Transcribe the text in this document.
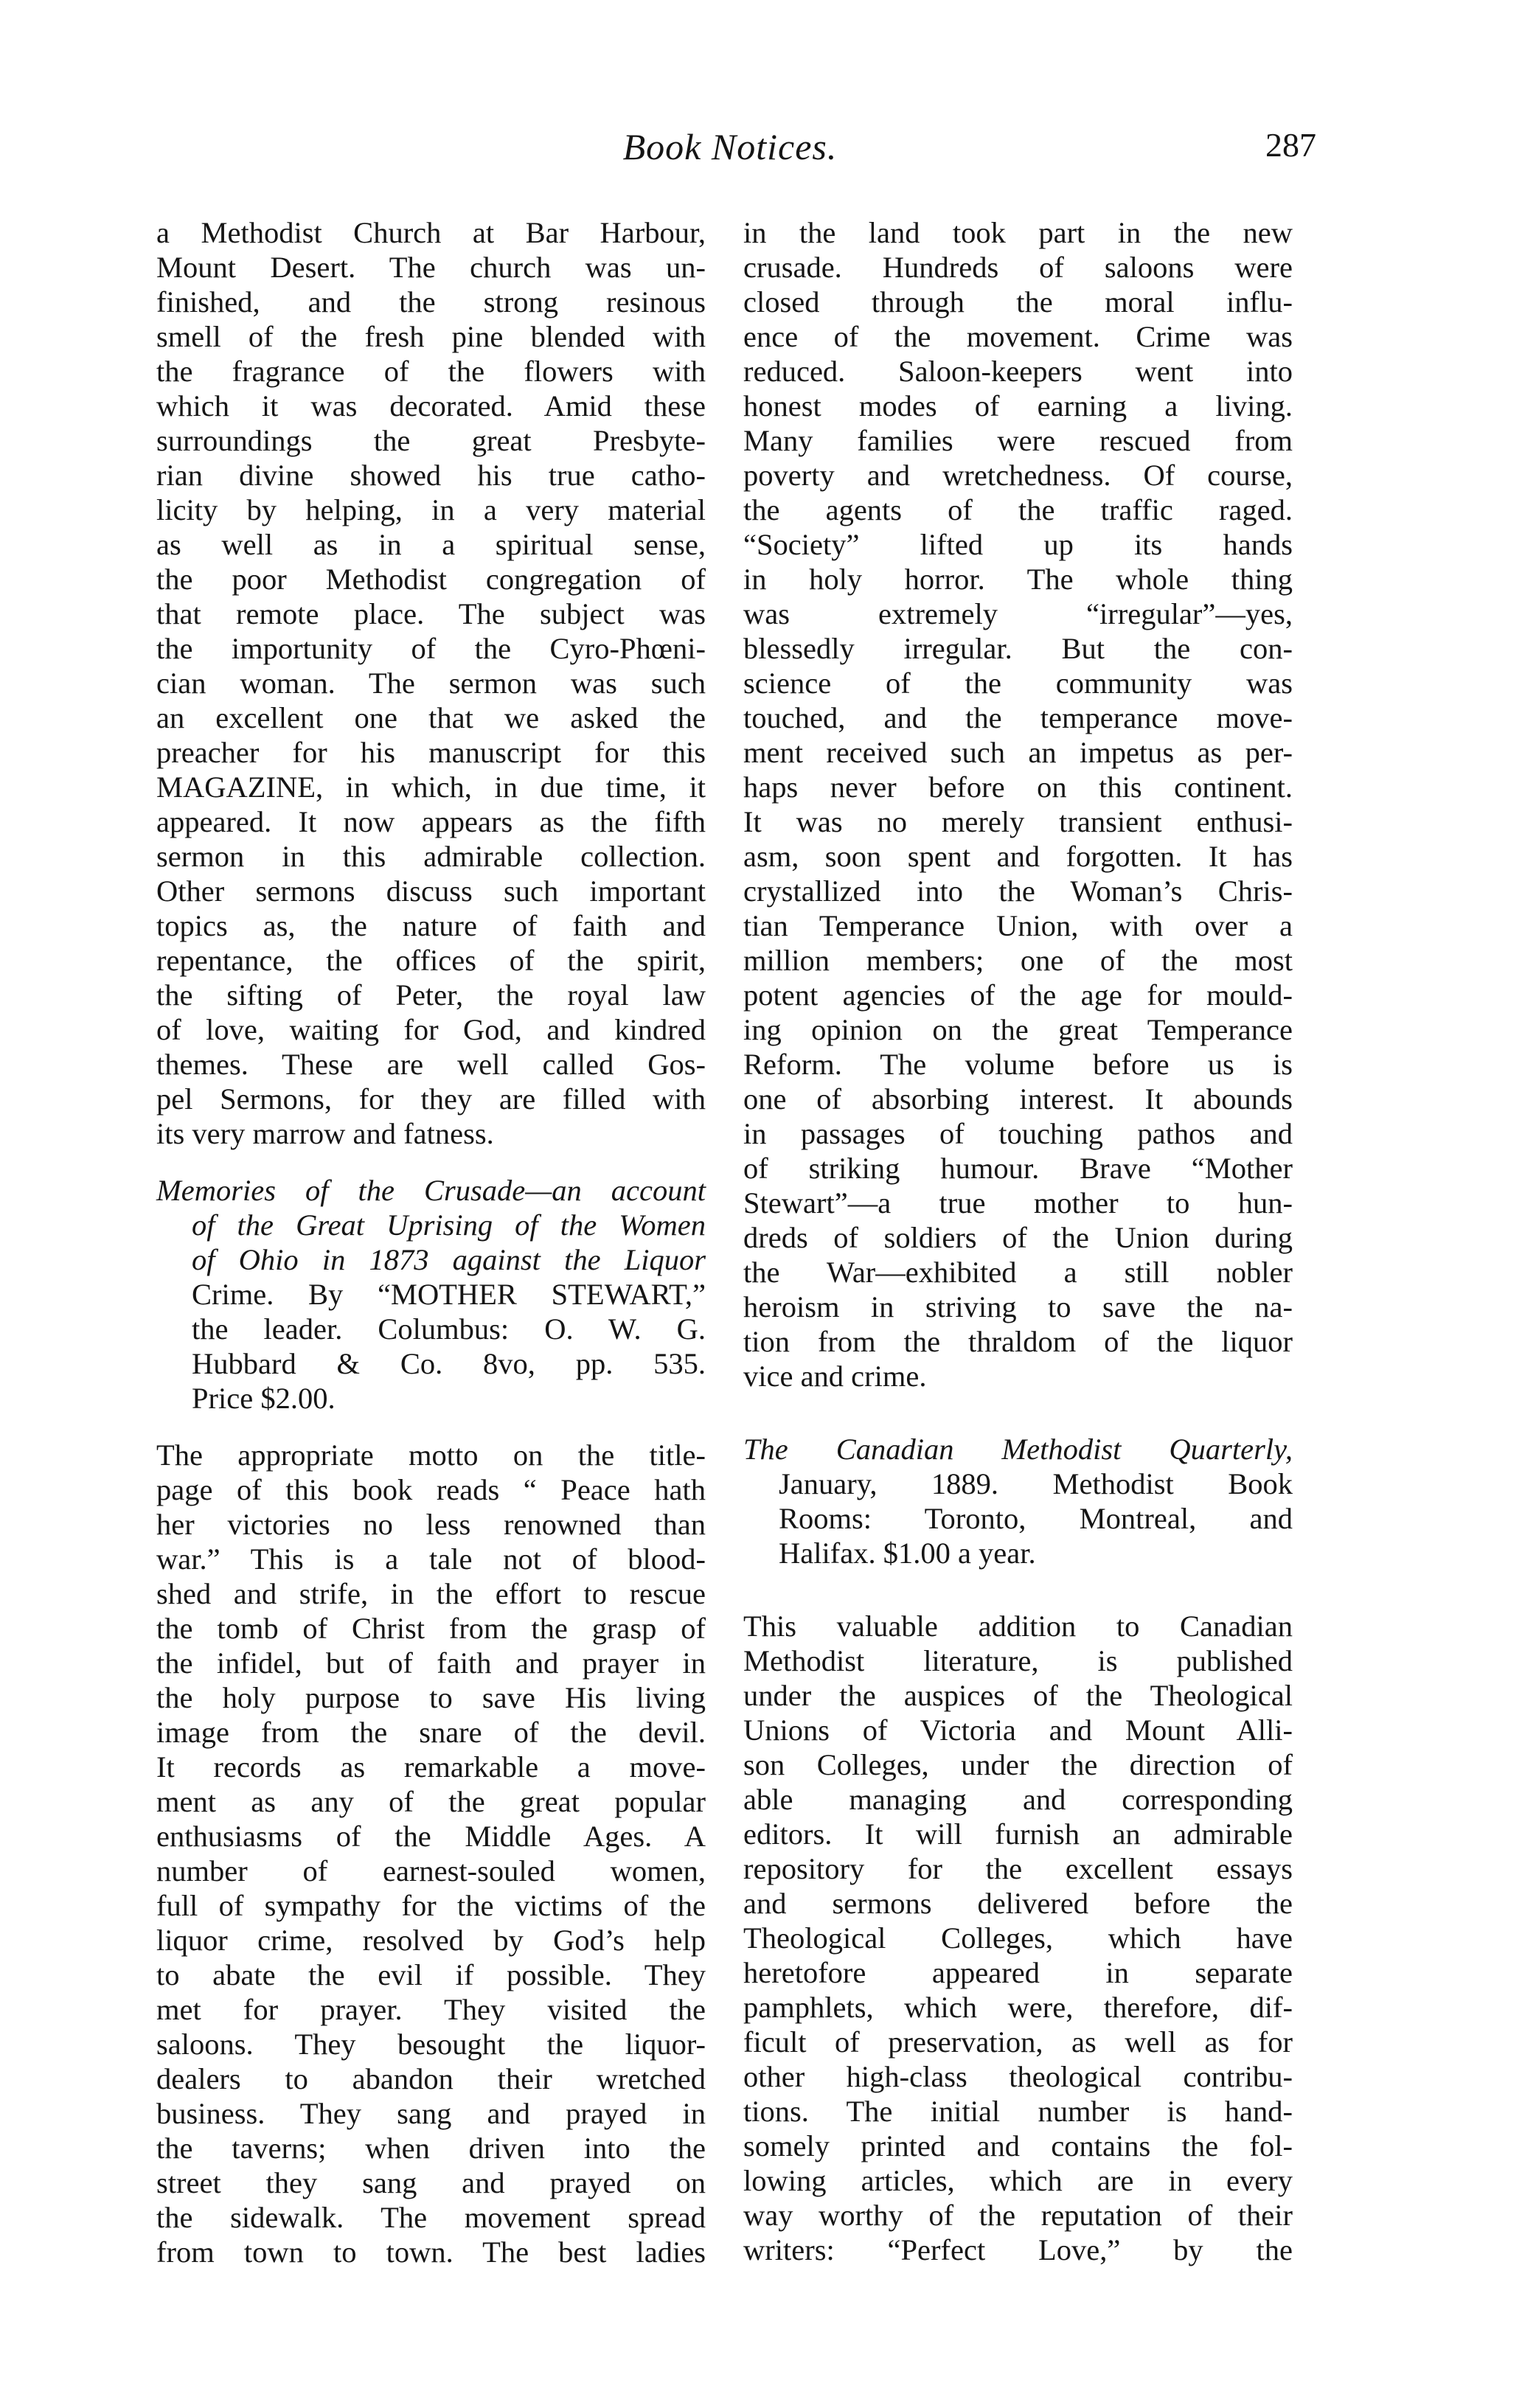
Book Notices.	287
a Methodist Church at Bar Harbour,
Mount Desert. The church was un-
finished, and the strong resinous
smell of the fresh pine blended with
the fragrance of the flowers with
which it was decorated. Amid these
surroundings the great Presbyte-
rian divine showed his true catho-
licity by helping, in a very material
as well as in a spiritual sense,
the poor Methodist congregation of
that remote place. The subject was
the importunity of the Cyro-Phœni-
cian woman. The sermon was such
an excellent one that we asked the
preacher for his manuscript for this
MAGAZINE, in which, in due time, it
appeared. It now appears as the fifth
sermon in this admirable collection.
Other sermons discuss such important
topics as, the nature of faith and
repentance, the offices of the spirit,
the sifting of Peter, the royal law
of love, waiting for God, and kindred
themes. These are well called Gos-
pel Sermons, for they are filled with
its very marrow and fatness.
Memories of the Crusade—an account
of the Great Uprising of the Women
of Ohio in 1873 against the Liquor
Crime. By “MOTHER STEWART,”
the leader. Columbus: O. W. G.
Hubbard & Co. 8vo, pp. 535.
Price $2.00.
The appropriate motto on the title-
page of this book reads “ Peace hath
her victories no less renowned than
war.” This is a tale not of blood-
shed and strife, in the effort to rescue
the tomb of Christ from the grasp of
the infidel, but of faith and prayer in
the holy purpose to save His living
image from the snare of the devil.
It records as remarkable a move-
ment as any of the great popular
enthusiasms of the Middle Ages. A
number of earnest-souled women,
full of sympathy for the victims of the
liquor crime, resolved by God’s help
to abate the evil if possible. They
met for prayer. They visited the
saloons. They besought the liquor-
dealers to abandon their wretched
business. They sang and prayed in
the taverns; when driven into the
street they sang and prayed on
the sidewalk. The movement spread
from town to town. The best ladies
in the land took part in the new
crusade. Hundreds of saloons were
closed through the moral influ-
ence of the movement. Crime was
reduced. Saloon-keepers went into
honest modes of earning a living.
Many families were rescued from
poverty and wretchedness. Of course,
the agents of the traffic raged.
“Society” lifted up its hands
in holy horror. The whole thing
was extremely “irregular”—yes,
blessedly irregular. But the con-
science of the community was
touched, and the temperance move-
ment received such an impetus as per-
haps never before on this continent.
It was no merely transient enthusi-
asm, soon spent and forgotten. It has
crystallized into the Woman’s Chris-
tian Temperance Union, with over a
million members; one of the most
potent agencies of the age for mould-
ing opinion on the great Temperance
Reform. The volume before us is
one of absorbing interest. It abounds
in passages of touching pathos and
of striking humour. Brave “Mother
Stewart”—a true mother to hun-
dreds of soldiers of the Union during
the War—exhibited a still nobler
heroism in striving to save the na-
tion from the thraldom of the liquor
vice and crime.
The Canadian Methodist Quarterly,
January, 1889. Methodist Book
Rooms: Toronto, Montreal, and
Halifax. $1.00 a year.
This valuable addition to Canadian
Methodist literature, is published
under the auspices of the Theological
Unions of Victoria and Mount Alli-
son Colleges, under the direction of
able managing and corresponding
editors. It will furnish an admirable
repository for the excellent essays
and sermons delivered before the
Theological Colleges, which have
heretofore appeared in separate
pamphlets, which were, therefore, dif-
ficult of preservation, as well as for
other high-class theological contribu-
tions. The initial number is hand-
somely printed and contains the fol-
lowing articles, which are in every
way worthy of the reputation of their
writers: “Perfect Love,” by the
